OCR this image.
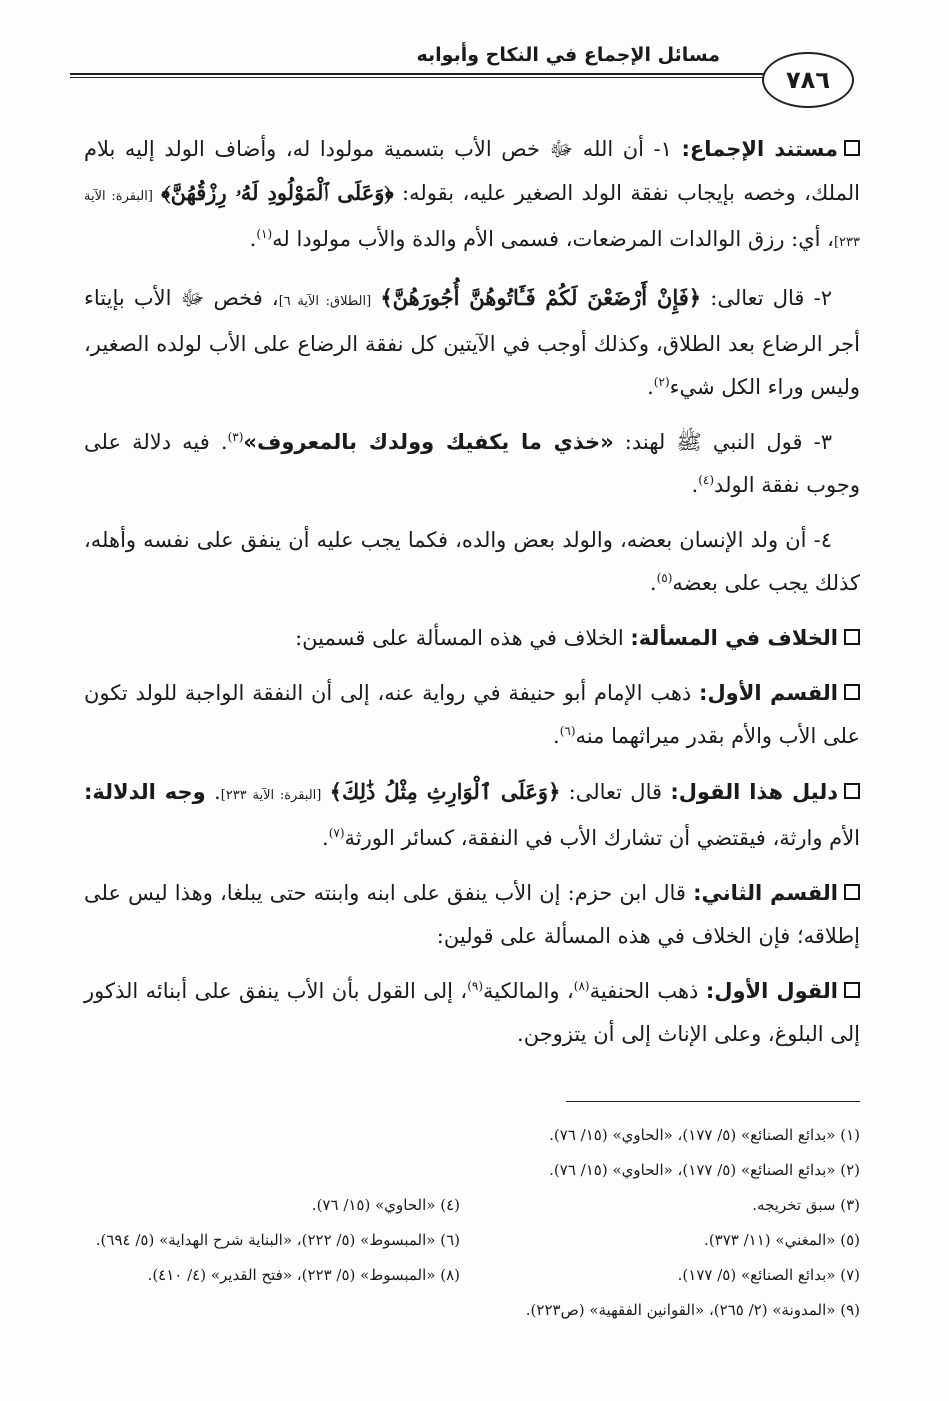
مسائل الإجماع في النكاح وأبوابه
٧٨٦

مستند الإجماع: ١- أن الله ﷻ خص الأب بتسمية مولودا له، وأضاف الولد إليه بلام الملك، وخصه بإيجاب نفقة الولد الصغير عليه، بقوله: ﴿وَعَلَى ٱلْمَوْلُودِ لَهُۥ رِزْقُهُنَّ﴾ [البقرة: الآية ٢٣٣]، أي: رزق الوالدات المرضعات، فسمى الأم والدة والأب مولودا له$^{(١)}$.

٢- قال تعالى: ﴿فَإِنْ أَرْضَعْنَ لَكُمْ فَـَٔاتُوهُنَّ أُجُورَهُنَّ﴾ [الطلاق: الآية ٦]، فخص ﷻ الأب بإيتاء أجر الرضاع بعد الطلاق، وكذلك أوجب في الآيتين كل نفقة الرضاع على الأب لولده الصغير، وليس وراء الكل شيء$^{(٢)}$.

٣- قول النبي ﷺ لهند: «خذي ما يكفيك وولدك بالمعروف»$^{(٣)}$. فيه دلالة على وجوب نفقة الولد$^{(٤)}$.

٤- أن ولد الإنسان بعضه، والولد بعض والده، فكما يجب عليه أن ينفق على نفسه وأهله، كذلك يجب على بعضه$^{(٥)}$.

الخلاف في المسألة: الخلاف في هذه المسألة على قسمين:

القسم الأول: ذهب الإمام أبو حنيفة في رواية عنه، إلى أن النفقة الواجبة للولد تكون على الأب والأم بقدر ميراثهما منه$^{(٦)}$.

دليل هذا القول: قال تعالى: ﴿وَعَلَى ٱلْوَارِثِ مِثْلُ ذَٰلِكَ﴾ [البقرة: الآية ٢٣٣]. وجه الدلالة: الأم وارثة، فيقتضي أن تشارك الأب في النفقة، كسائر الورثة$^{(٧)}$.

القسم الثاني: قال ابن حزم: إن الأب ينفق على ابنه وابنته حتى يبلغا، وهذا ليس على إطلاقه؛ فإن الخلاف في هذه المسألة على قولين:

القول الأول: ذهب الحنفية$^{(٨)}$، والمالكية$^{(٩)}$، إلى القول بأن الأب ينفق على أبنائه الذكور إلى البلوغ، وعلى الإناث إلى أن يتزوجن.

(١) «بدائع الصنائع» (٥/ ١٧٧)، «الحاوي» (١٥/ ٧٦).
(٢) «بدائع الصنائع» (٥/ ١٧٧)، «الحاوي» (١٥/ ٧٦).
(٣) سبق تخريجه.
(٤) «الحاوي» (١٥/ ٧٦).
(٥) «المغني» (١١/ ٣٧٣).
(٦) «المبسوط» (٥/ ٢٢٢)، «البناية شرح الهداية» (٥/ ٦٩٤).
(٧) «بدائع الصنائع» (٥/ ١٧٧).
(٨) «المبسوط» (٥/ ٢٢٣)، «فتح القدير» (٤/ ٤١٠).
(٩) «المدونة» (٢/ ٢٦٥)، «القوانين الفقهية» (ص٢٢٣).
